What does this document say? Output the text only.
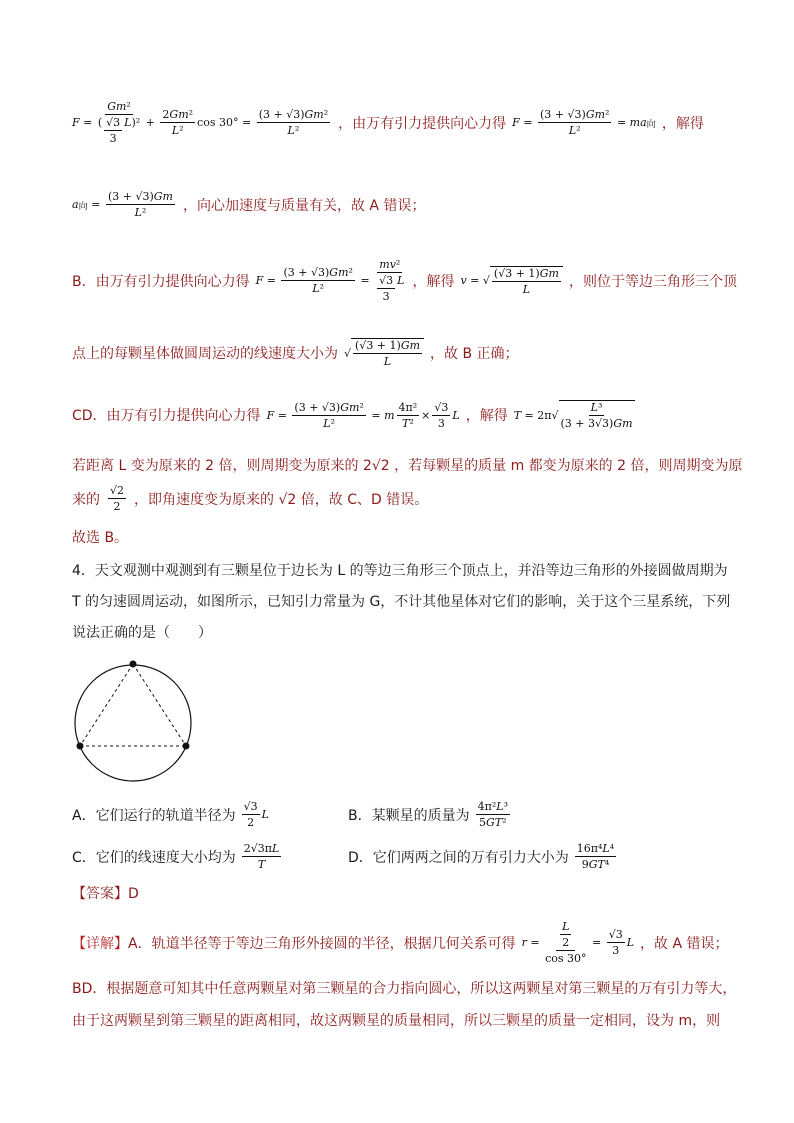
$F = \frac{\text{Gm²}}{( \frac{√3}{3} L)^2} + \frac{\text{2Gm²}}{\text{L²}}$ $\cos 30^\circ = \frac{\text{(3 + √3)Gm²}}{\text{L²}}$ ，由万有引力提供向心力得 $F = \frac{\text{(3 + √3)Gm²}}{\text{L²}}$ = ma 向 ，解得
a 向 = $\frac{(3 + √3)Gm}{\text{L²}}$ ，向心加速度与质量有关，故 A 错误；
B．由万有引力提供向心力得 $F = \frac{\text{(3 + √3)Gm²}}{\text{L²}} = \frac{\text{mv²}}{\frac{√3}{3} L}$ ，解得 v = √ $\frac{(√3 + 1)Gm}{L}$ ，则位于等边三角形三个顶
点上的每颗星体做圆周运动的线速度大小为 √ $\frac{(√3 + 1)Gm}{L}$ ，故 B 正确；
CD．由万有引力提供向心力得 $F = \frac{\text{(3 + √3)Gm²}}{\text{L²}} = m \frac{\text{4π²}}{\text{T²}} \times \frac{√3}{3}$ L ，解得 $T = 2\pi√ \frac{\text{L³}}{(3 + 3√3)Gm}$
若距离 L 变为原来的 2 倍，则周期变为原来的 2√2 ，若每颗星的质量 m 都变为原来的 2 倍，则周期变为原
来的 $\frac{√2}{2}$ ，即角速度变为原来的 √2 倍，故 C、D 错误。
故选 B。
4．天文观测中观测到有三颗星位于边长为 L 的等边三角形三个顶点上，并沿等边三角形的外接圆做周期为
T 的匀速圆周运动，如图所示，已知引力常量为 G，不计其他星体对它们的影响，关于这个三星系统，下列
说法正确的是（　　）
A．它们运行的轨道半径为 $\frac{√3}{2}$ L	B．某颗星的质量为 $\frac{\text{4π²L³}}{\text{5GT²}}$
C．它们的线速度大小均为 $\frac{2√3\pi L}{T}$	D．它们两两之间的万有引力大小为 $\frac{\text{16π⁴L⁴}}{\text{9GT⁴}}$
【答案】D
【详解】 A．轨道半径等于等边三角形外接圆的半径，根据几何关系可得 $r = \frac{\frac{L}{2}}{\cos 30^\circ} = \frac{√3}{3}$ L ，故 A 错误；
BD．根据题意可知其中任意两颗星对第三颗星的合力指向圆心，所以这两颗星对第三颗星的万有引力等大，
由于这两颗星到第三颗星的距离相同，故这两颗星的质量相同，所以三颗星的质量一定相同，设为 m，则
